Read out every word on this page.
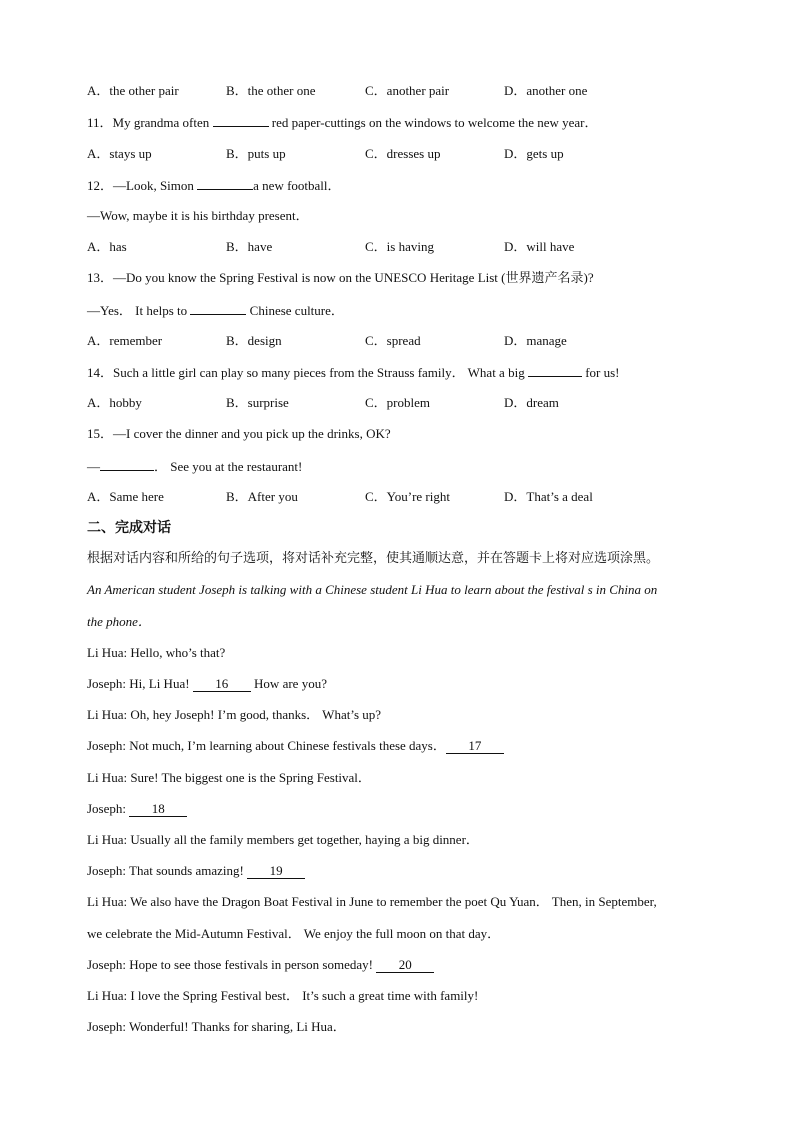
A．the other pair	B．the other one	C．another pair	D．another one
11．My grandma often	red paper-cuttings on the windows to welcome the new year．
A．stays up	B．puts up	C．dresses up	D．gets up
12．—Look, Simon	a new football．
—Wow, maybe it is his birthday present．
A．has	B．have	C．is having	D．will have
13．—Do you know the Spring Festival is now on the UNESCO Heritage List (世界遗产名录)?
—Yes． It helps to	Chinese culture．
A．remember	B．design	C．spread	D．manage
14．Such a little girl can play so many pieces from the Strauss family． What a big	for us!
A．hobby	B．surprise	C．problem	D．dream
15．—I cover the dinner and you pick up the drinks, OK?
—	． See you at the restaurant!
A．Same here	B．After you	C．You’re right	D．That’s a deal
二、完成对话
根据对话内容和所给的句子选项，将对话补充完整，使其通顺达意，并在答题卡上将对应选项涂黑。
An American student Joseph is talking with a Chinese student Li Hua to learn about the festival s in China on
the phone．
Li Hua: Hello, who’s that?
Joseph: Hi, Li Hua! 16 How are you?
Li Hua: Oh, hey Joseph! I’m good, thanks． What’s up?
Joseph: Not much, I’m learning about Chinese festivals these days． 17
Li Hua: Sure! The biggest one is the Spring Festival．
Joseph: 18
Li Hua: Usually all the family members get together, haying a big dinner．
Joseph: That sounds amazing! 19
Li Hua: We also have the Dragon Boat Festival in June to remember the poet Qu Yuan． Then, in September,
we celebrate the Mid-Autumn Festival． We enjoy the full moon on that day．
Joseph: Hope to see those festivals in person someday! 20
Li Hua: I love the Spring Festival best． It’s such a great time with family!
Joseph: Wonderful! Thanks for sharing, Li Hua．
